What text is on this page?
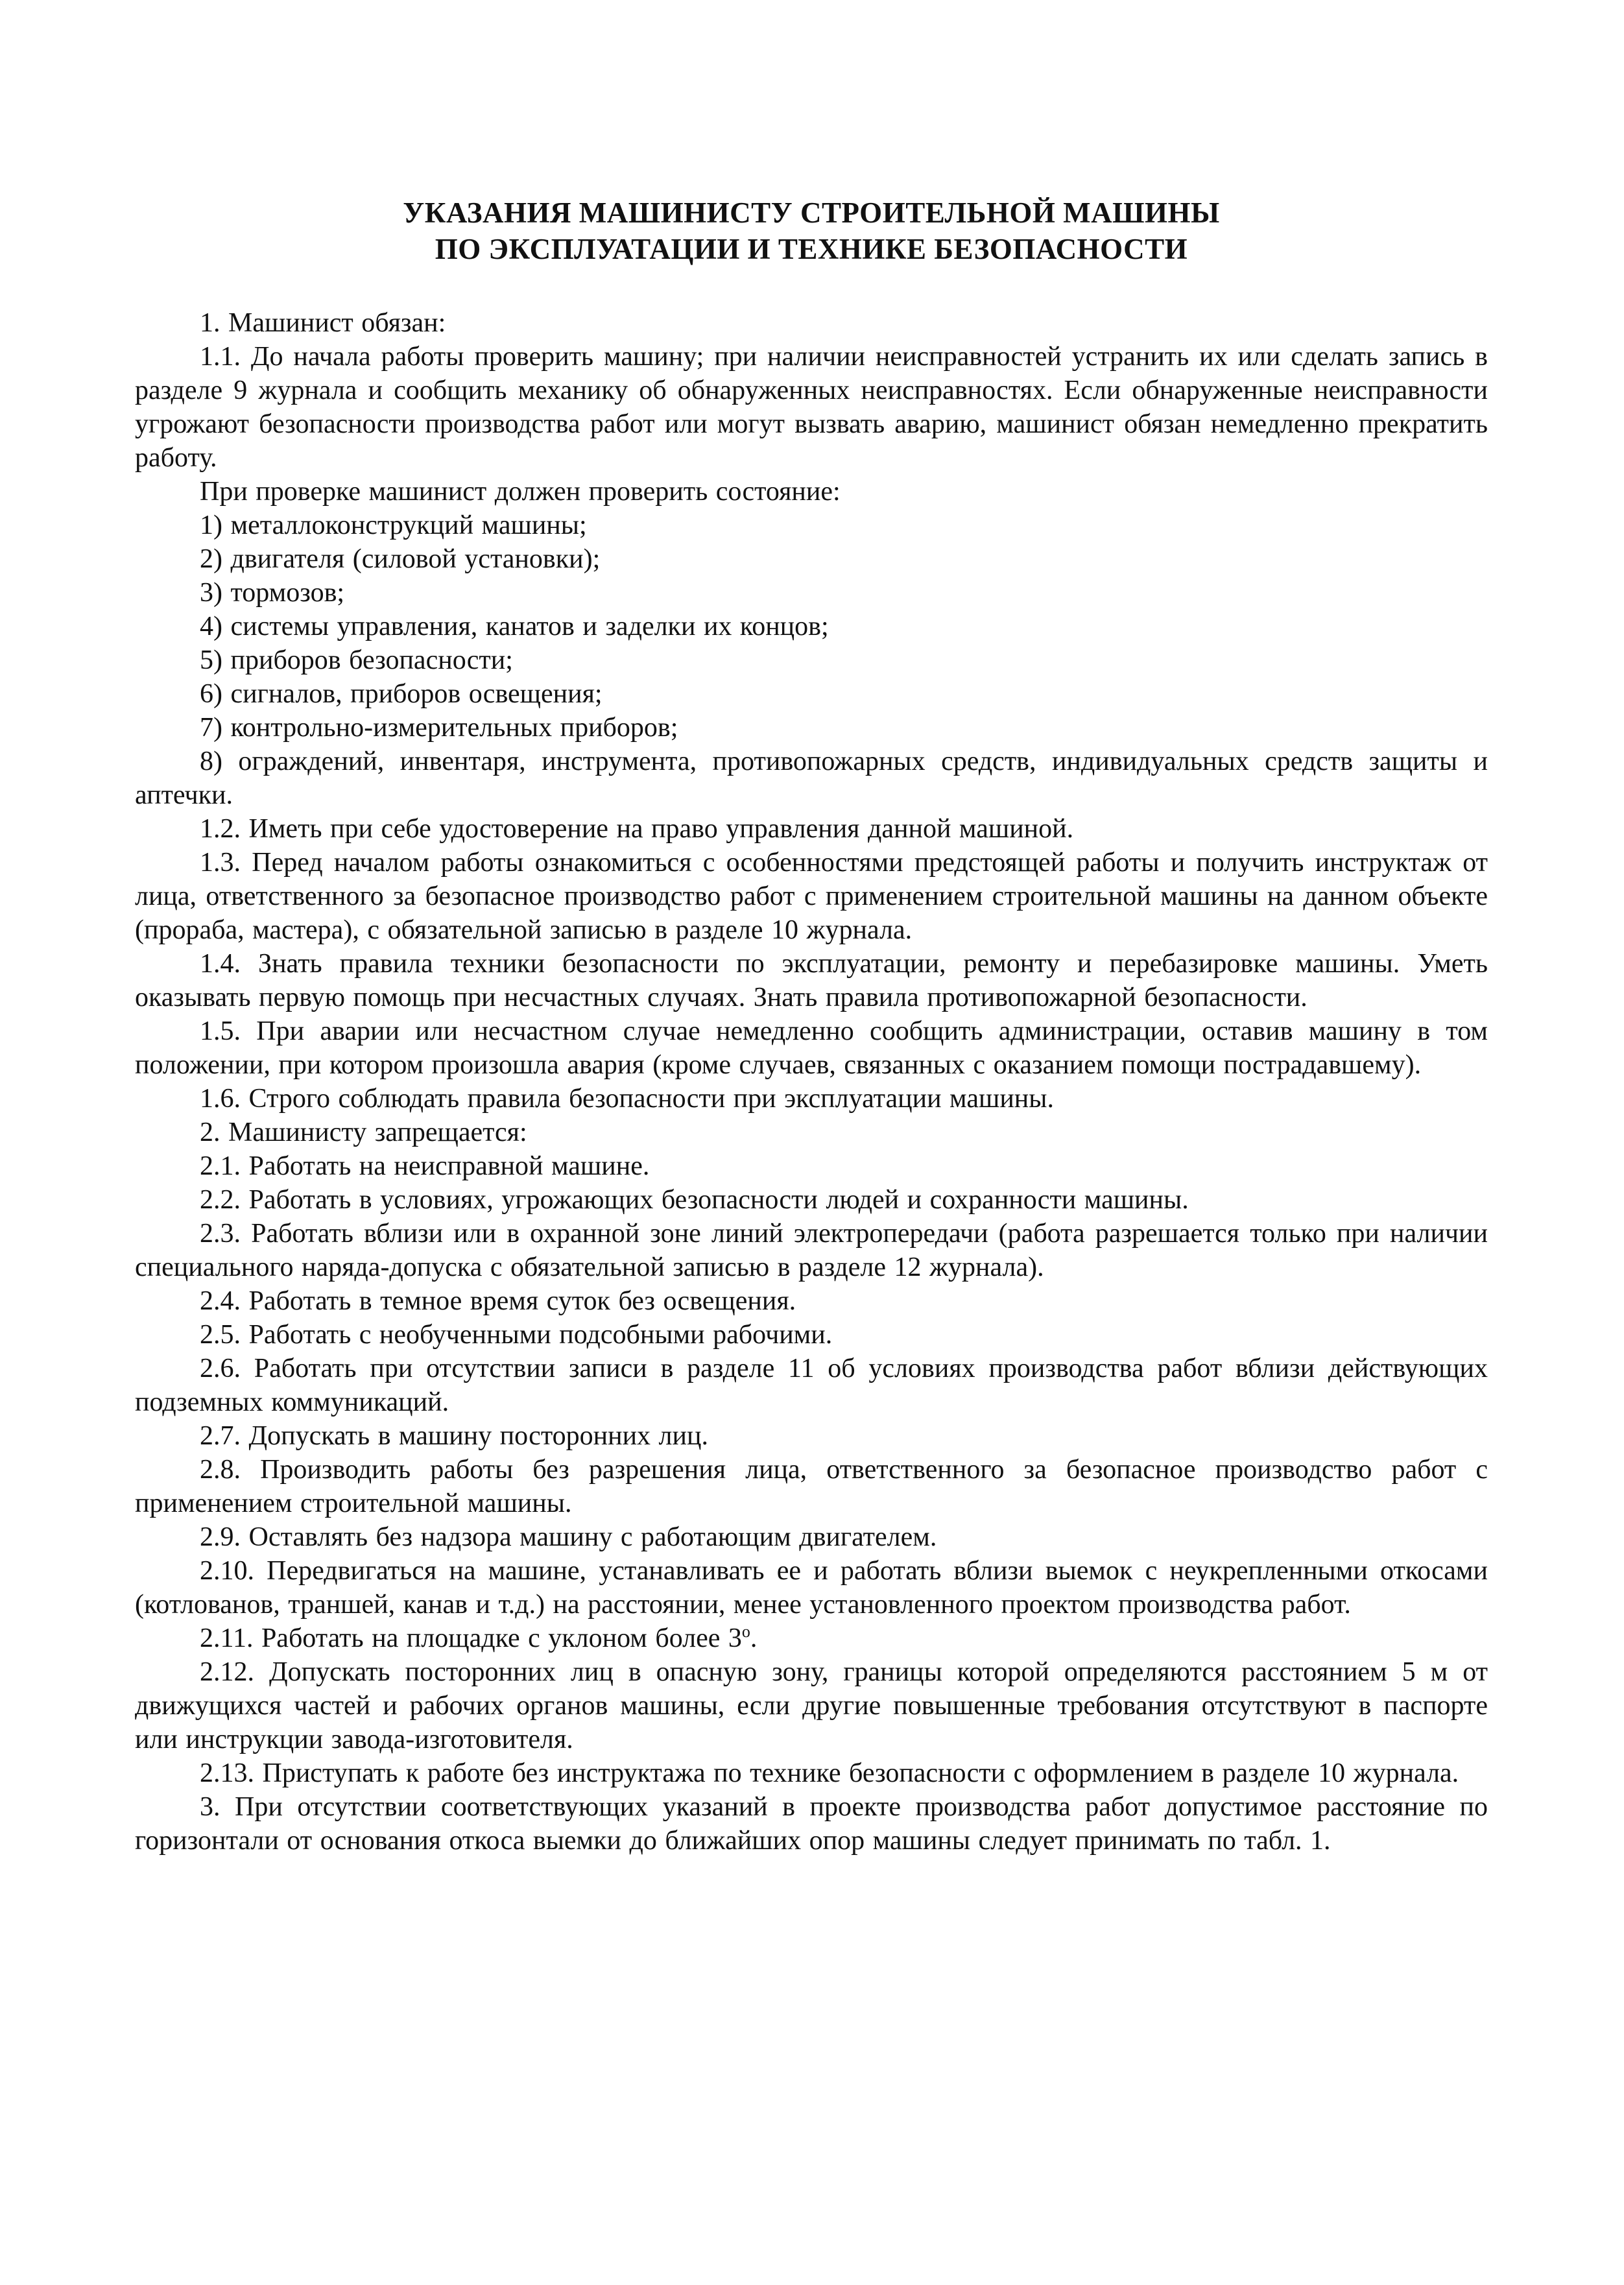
УКАЗАНИЯ МАШИНИСТУ СТРОИТЕЛЬНОЙ МАШИНЫ
ПО ЭКСПЛУАТАЦИИ И ТЕХНИКЕ БЕЗОПАСНОСТИ

1. Машинист обязан:

1.1. До начала работы проверить машину; при наличии неисправностей устранить их или сделать запись в разделе 9 журнала и сообщить механику об обнаруженных неисправностях. Если обнаруженные неисправности угрожают безопасности производства работ или могут вызвать аварию, машинист обязан немедленно прекратить работу.

При проверке машинист должен проверить состояние:

1) металлоконструкций машины;

2) двигателя (силовой установки);

3) тормозов;

4) системы управления, канатов и заделки их концов;

5) приборов безопасности;

6) сигналов, приборов освещения;

7) контрольно-измерительных приборов;

8) ограждений, инвентаря, инструмента, противопожарных средств, индивидуальных средств защиты и аптечки.

1.2. Иметь при себе удостоверение на право управления данной машиной.

1.3. Перед началом работы ознакомиться с особенностями предстоящей работы и получить инструктаж от лица, ответственного за безопасное производство работ с применением строительной машины на данном объекте (прораба, мастера), с обязательной записью в разделе 10 журнала.

1.4. Знать правила техники безопасности по эксплуатации, ремонту и перебазировке машины. Уметь оказывать первую помощь при несчастных случаях. Знать правила противопожарной безопасности.

1.5. При аварии или несчастном случае немедленно сообщить администрации, оставив машину в том положении, при котором произошла авария (кроме случаев, связанных с оказанием помощи пострадавшему).

1.6. Строго соблюдать правила безопасности при эксплуатации машины.

2. Машинисту запрещается:

2.1. Работать на неисправной машине.

2.2. Работать в условиях, угрожающих безопасности людей и сохранности машины.

2.3. Работать вблизи или в охранной зоне линий электропередачи (работа разрешается только при наличии специального наряда-допуска с обязательной записью в разделе 12 журнала).

2.4. Работать в темное время суток без освещения.

2.5. Работать с необученными подсобными рабочими.

2.6. Работать при отсутствии записи в разделе 11 об условиях производства работ вблизи действующих подземных коммуникаций.

2.7. Допускать в машину посторонних лиц.

2.8. Производить работы без разрешения лица, ответственного за безопасное производство работ с применением строительной машины.

2.9. Оставлять без надзора машину с работающим двигателем.

2.10. Передвигаться на машине, устанавливать ее и работать вблизи выемок с неукрепленными откосами (котлованов, траншей, канав и т.д.) на расстоянии, менее установленного проектом производства работ.

2.11. Работать на площадке с уклоном более $3^о$.

2.12. Допускать посторонних лиц в опасную зону, границы которой определяются расстоянием 5 м от движущихся частей и рабочих органов машины, если другие повышенные требования отсутствуют в паспорте или инструкции завода-изготовителя.

2.13. Приступать к работе без инструктажа по технике безопасности с оформлением в разделе 10 журнала.

3. При отсутствии соответствующих указаний в проекте производства работ допустимое расстояние по горизонтали от основания откоса выемки до ближайших опор машины следует принимать по табл. 1.
